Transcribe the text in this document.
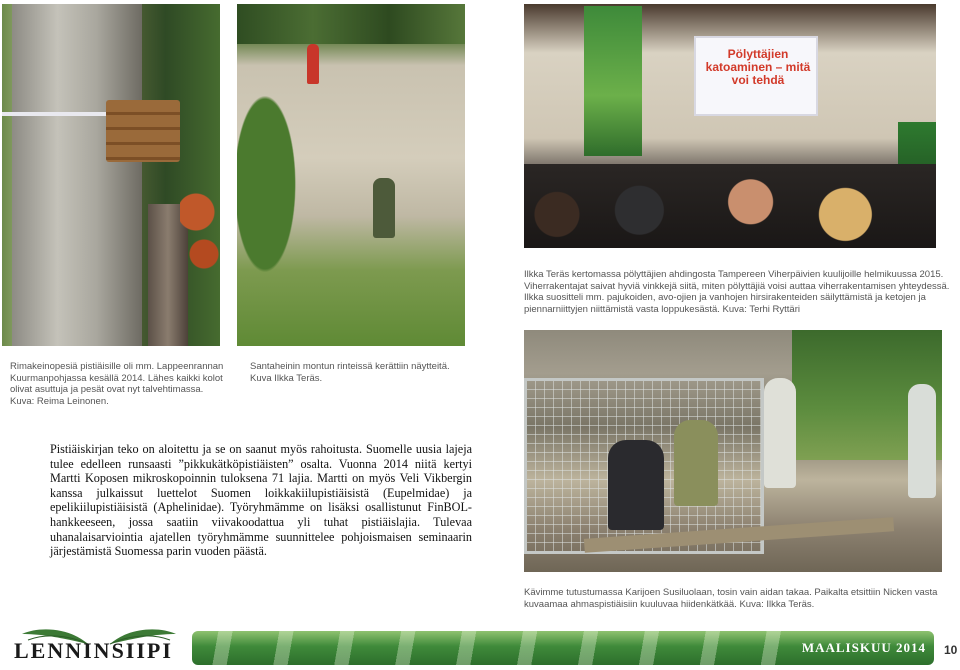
Pölyttäjien katoaminen – mitä voi tehdä
Rimakeinopesiä pistiäisille oli mm. Lappeenrannan Kuurmanpohjassa kesällä 2014. Lähes kaikki kolot olivat asuttuja ja pesät ovat nyt talvehtimassa. Kuva: Reima Leinonen.
Santaheinin montun rinteissä kerättiin näytteitä. Kuva Ilkka Teräs.
Ilkka Teräs kertomassa pölyttäjien ahdingosta Tampereen Viherpäivien kuulijoille helmikuussa 2015. Viherrakentajat saivat hyviä vinkkejä siitä, miten pölyttäjiä voisi auttaa viherrakentamisen yhteydessä. Ilkka suositteli mm. pajukoiden, avo-ojien ja vanhojen hirsirakenteiden säilyttämistä ja ketojen ja piennarniittyjen niittämistä vasta loppukesästä. Kuva: Terhi Ryttäri
Kävimme tutustumassa Karijoen Susiluolaan, tosin vain aidan takaa. Paikalta etsittiin Nicken vasta kuvaamaa ahmaspistiäisiin kuuluvaa hiidenkätkää. Kuva: Ilkka Teräs.
Pistiäiskirjan teko on aloitettu ja se on saanut myös rahoitusta. Suomelle uusia lajeja tulee edelleen runsaasti ”pikkukätköpistiäisten” osalta. Vuonna 2014 niitä kertyi Martti Koposen mikroskopoinnin tuloksena 71 lajia. Martti on myös Veli Vikbergin kanssa julkaissut luettelot Suomen loikkakiilupistiäisistä (Eupelmidae) ja epelikiilupistiäisistä (Aphelinidae). Työryhmämme on lisäksi osallistunut FinBOL-hankkeeseen, jossa saatiin viivakoodattua yli tuhat pistiäislajia. Tulevaa uhanalaisarviointia ajatellen työryhmämme suunnittelee pohjoismaisen seminaarin järjestämistä Suomessa parin vuoden päästä.
LENNINSIIPI	MAALISKUU 2014 10
